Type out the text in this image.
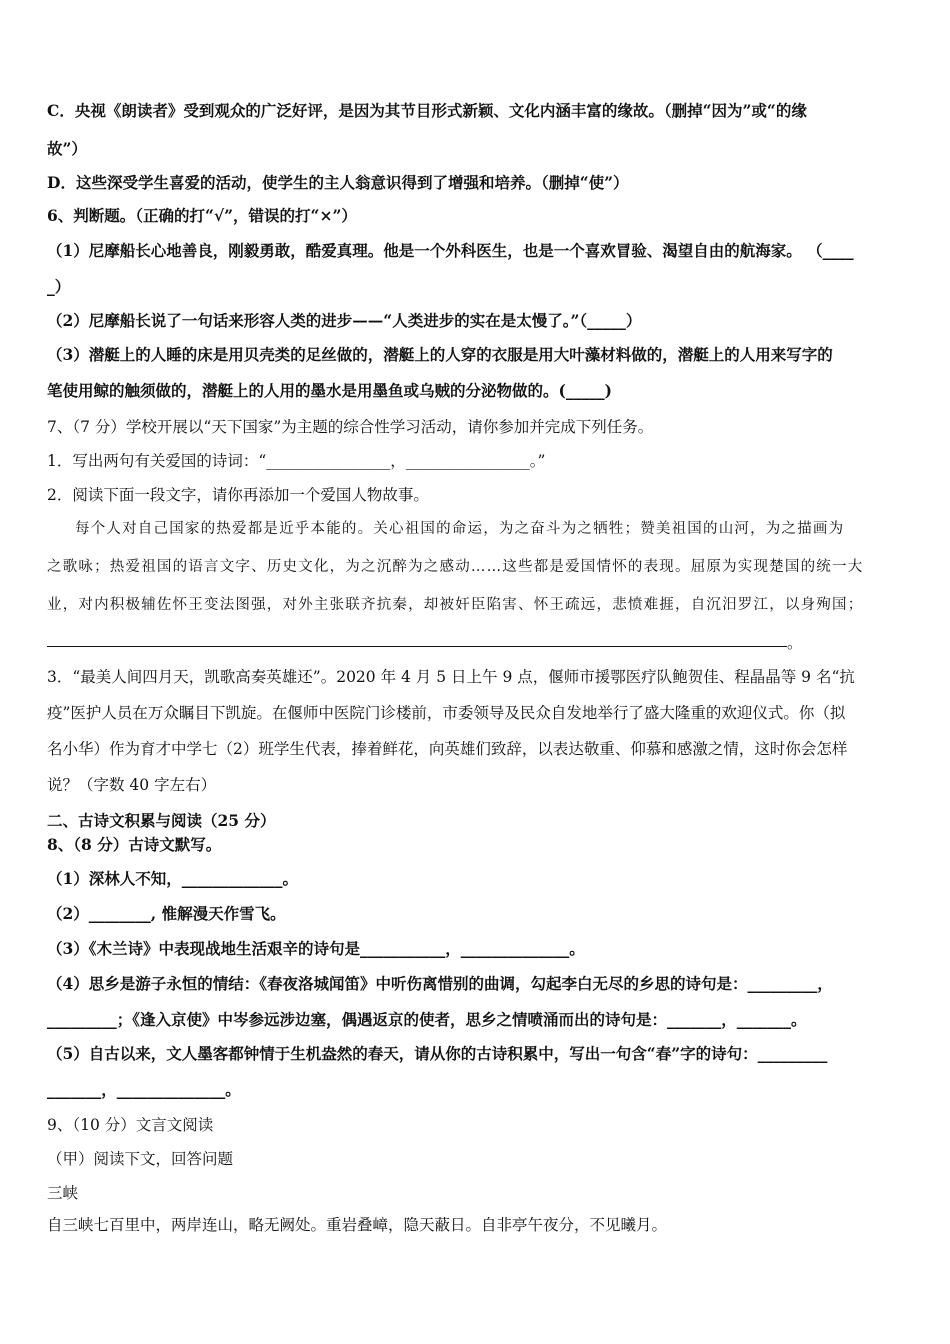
C．央视《朗读者》受到观众的广泛好评，是因为其节目形式新颖、文化内涵丰富的缘故。（删掉“因为”或“的缘
故”）
D．这些深受学生喜爱的活动，使学生的主人翁意识得到了增强和培养。（删掉“使”）
6、判断题。（正确的打“√”，错误的打“×”）
（1）尼摩船长心地善良，刚毅勇敢，酷爱真理。他是一个外科医生，也是一个喜欢冒验、渴望自由的航海家。 （____
_）
（2）尼摩船长说了一句话来形容人类的进步——“人类进步的实在是太慢了。”（_____）
（3）潜艇上的人睡的床是用贝壳类的足丝做的，潜艇上的人穿的衣服是用大叶藻材料做的，潜艇上的人用来写字的
笔使用鲸的触须做的，潜艇上的人用的墨水是用墨鱼或乌贼的分泌物做的。(_____)
7、（7 分）学校开展以“天下国家”为主题的综合性学习活动，请你参加并完成下列任务。
1．写出两句有关爱国的诗词：“________________，________________。”
2．阅读下面一段文字，请你再添加一个爱国人物故事。
每个人对自己国家的热爱都是近乎本能的。关心祖国的命运，为之奋斗为之牺牲；赞美祖国的山河，为之描画为
之歌咏；热爱祖国的语言文字、历史文化，为之沉醉为之感动……这些都是爱国情怀的表现。屈原为实现楚国的统一大
业，对内积极辅佐怀王变法图强，对外主张联齐抗秦，却被奸臣陷害、怀王疏远，悲愤难捱，自沉汨罗江，以身殉国；
。
3．“最美人间四月天，凯歌高奏英雄还”。2020 年 4 月 5 日上午 9 点，偃师市援鄂医疗队鲍贺佳、程晶晶等 9 名“抗
疫”医护人员在万众瞩目下凯旋。在偃师中医院门诊楼前，市委领导及民众自发地举行了盛大隆重的欢迎仪式。你（拟
名小华）作为育才中学七（2）班学生代表，捧着鲜花，向英雄们致辞，以表达敬重、仰慕和感激之情，这时你会怎样
说？（字数 40 字左右）
二、古诗文积累与阅读（25 分）
8、（8 分）古诗文默写。
（1）深林人不知，_____________。
（2）________, 惟解漫天作雪飞。
（3）《木兰诗》中表现战地生活艰辛的诗句是___________，______________。
（4）思乡是游子永恒的情结：《春夜洛城闻笛》中听伤离惜别的曲调，勾起李白无尽的乡思的诗句是：_________，
_________；《逢入京使》中岑参远涉边塞，偶遇返京的使者，思乡之情喷涌而出的诗句是：_______，_______。
（5）自古以来，文人墨客都钟情于生机盎然的春天，请从你的古诗积累中，写出一句含“春”字的诗句：_________
_______，______________。
9、（10 分）文言文阅读
（甲）阅读下文，回答问题
三峡
自三峡七百里中，两岸连山，略无阙处。重岩叠嶂，隐天蔽日。自非亭午夜分，不见曦月。
